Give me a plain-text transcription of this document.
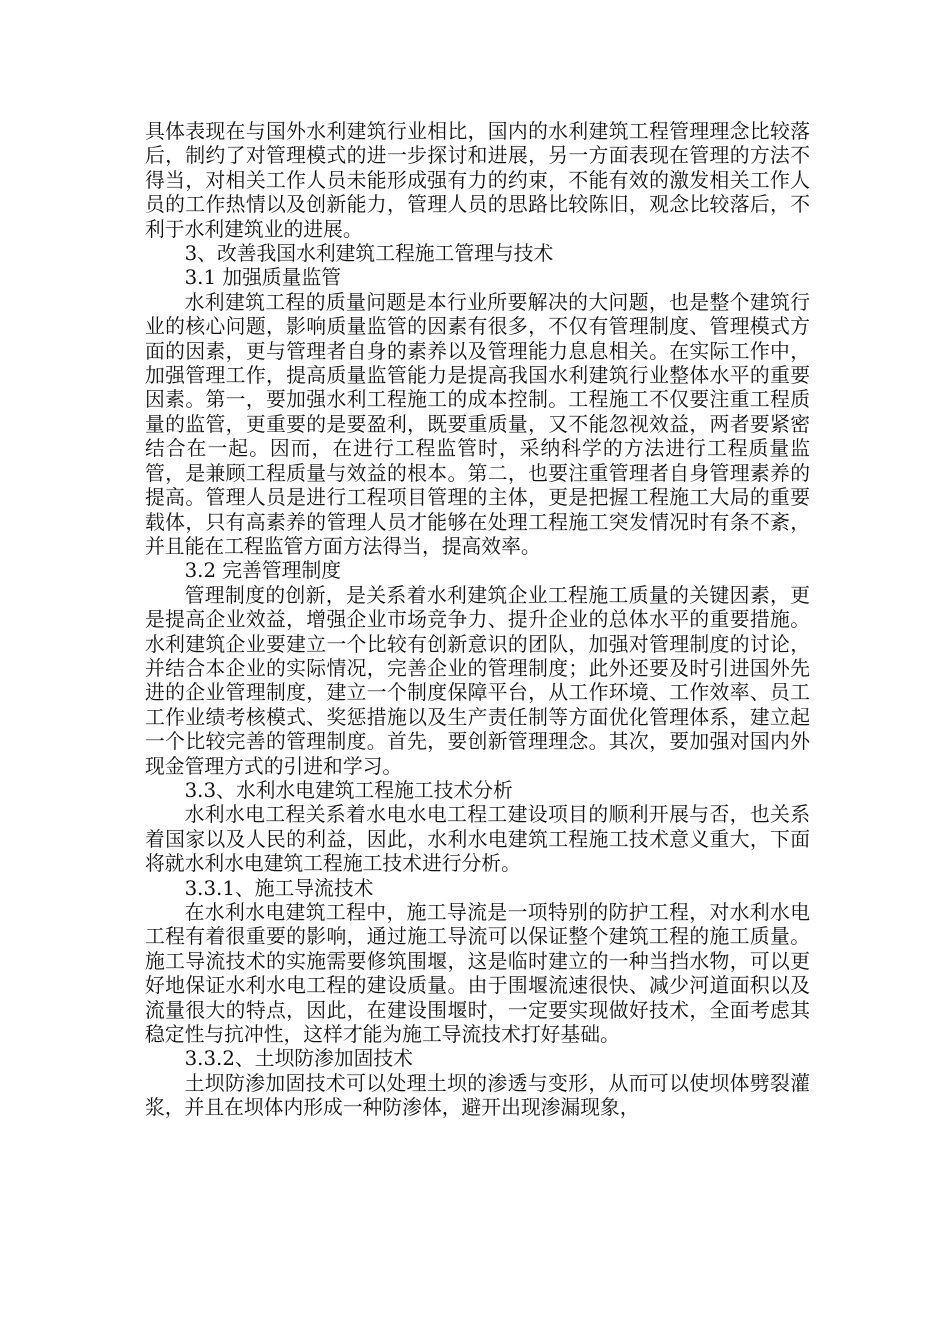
具体表现在与国外水利建筑行业相比，国内的水利建筑工程管理理念比较落后，制约了对管理模式的进一步探讨和进展，另一方面表现在管理的方法不得当，对相关工作人员未能形成强有力的约束，不能有效的激发相关工作人员的工作热情以及创新能力，管理人员的思路比较陈旧，观念比较落后，不利于水利建筑业的进展。

3、改善我国水利建筑工程施工管理与技术

3.1 加强质量监管

水利建筑工程的质量问题是本行业所要解决的大问题，也是整个建筑行业的核心问题，影响质量监管的因素有很多，不仅有管理制度、管理模式方面的因素，更与管理者自身的素养以及管理能力息息相关。在实际工作中，加强管理工作，提高质量监管能力是提高我国水利建筑行业整体水平的重要因素。第一，要加强水利工程施工的成本控制。工程施工不仅要注重工程质量的监管，更重要的是要盈利，既要重质量，又不能忽视效益，两者要紧密结合在一起。因而，在进行工程监管时，采纳科学的方法进行工程质量监管，是兼顾工程质量与效益的根本。第二，也要注重管理者自身管理素养的提高。管理人员是进行工程项目管理的主体，更是把握工程施工大局的重要载体，只有高素养的管理人员才能够在处理工程施工突发情况时有条不紊，并且能在工程监管方面方法得当，提高效率。

3.2 完善管理制度

管理制度的创新，是关系着水利建筑企业工程施工质量的关键因素，更是提高企业效益，增强企业市场竞争力、提升企业的总体水平的重要措施。水利建筑企业要建立一个比较有创新意识的团队，加强对管理制度的讨论，并结合本企业的实际情况，完善企业的管理制度；此外还要及时引进国外先进的企业管理制度，建立一个制度保障平台，从工作环境、工作效率、员工工作业绩考核模式、奖惩措施以及生产责任制等方面优化管理体系，建立起一个比较完善的管理制度。首先，要创新管理理念。其次，要加强对国内外现金管理方式的引进和学习。

3.3、水利水电建筑工程施工技术分析

水利水电工程关系着水电水电工程工建设项目的顺利开展与否，也关系着国家以及人民的利益，因此，水利水电建筑工程施工技术意义重大，下面将就水利水电建筑工程施工技术进行分析。

3.3.1、施工导流技术

在水利水电建筑工程中，施工导流是一项特别的防护工程，对水利水电工程有着很重要的影响，通过施工导流可以保证整个建筑工程的施工质量。施工导流技术的实施需要修筑围堰，这是临时建立的一种当挡水物，可以更好地保证水利水电工程的建设质量。由于围堰流速很快、减少河道面积以及流量很大的特点，因此，在建设围堰时，一定要实现做好技术，全面考虑其稳定性与抗冲性，这样才能为施工导流技术打好基础。

3.3.2、土坝防渗加固技术

土坝防渗加固技术可以处理土坝的渗透与变形，从而可以使坝体劈裂灌浆，并且在坝体内形成一种防渗体，避开出现渗漏现象，
